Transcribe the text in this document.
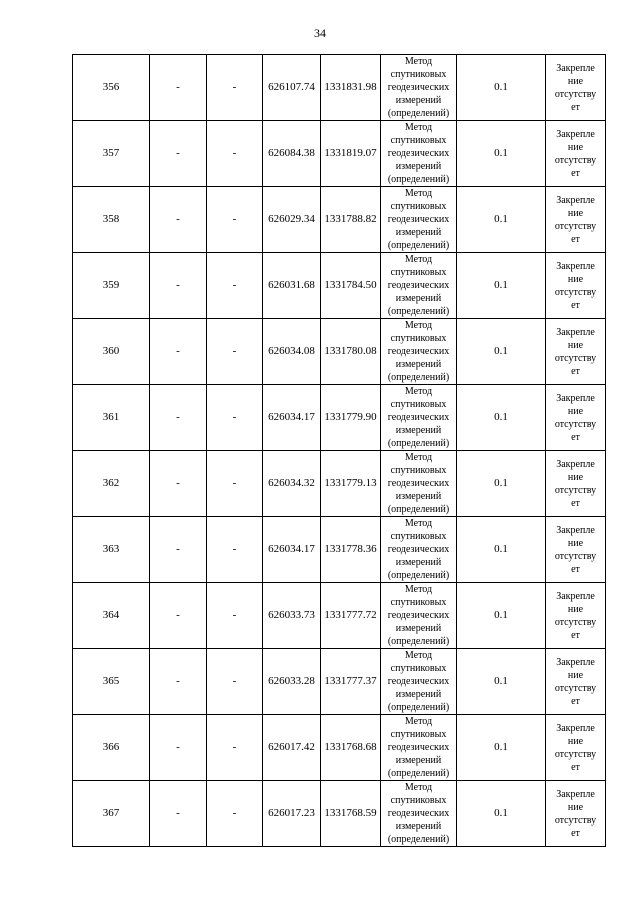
34
356	-	-	626107.74	1331831.98	Метод
спутниковых
геодезических
измерений
(определений)	0.1	Закрепле
ние
отсутству
ет

357	-	-	626084.38	1331819.07	Метод
спутниковых
геодезических
измерений
(определений)	0.1	Закрепле
ние
отсутству
ет

358	-	-	626029.34	1331788.82	Метод
спутниковых
геодезических
измерений
(определений)	0.1	Закрепле
ние
отсутству
ет

359	-	-	626031.68	1331784.50	Метод
спутниковых
геодезических
измерений
(определений)	0.1	Закрепле
ние
отсутству
ет

360	-	-	626034.08	1331780.08	Метод
спутниковых
геодезических
измерений
(определений)	0.1	Закрепле
ние
отсутству
ет

361	-	-	626034.17	1331779.90	Метод
спутниковых
геодезических
измерений
(определений)	0.1	Закрепле
ние
отсутству
ет

362	-	-	626034.32	1331779.13	Метод
спутниковых
геодезических
измерений
(определений)	0.1	Закрепле
ние
отсутству
ет

363	-	-	626034.17	1331778.36	Метод
спутниковых
геодезических
измерений
(определений)	0.1	Закрепле
ние
отсутству
ет

364	-	-	626033.73	1331777.72	Метод
спутниковых
геодезических
измерений
(определений)	0.1	Закрепле
ние
отсутству
ет

365	-	-	626033.28	1331777.37	Метод
спутниковых
геодезических
измерений
(определений)	0.1	Закрепле
ние
отсутству
ет

366	-	-	626017.42	1331768.68	Метод
спутниковых
геодезических
измерений
(определений)	0.1	Закрепле
ние
отсутству
ет

367	-	-	626017.23	1331768.59	Метод
спутниковых
геодезических
измерений
(определений)	0.1	Закрепле
ние
отсутству
ет
